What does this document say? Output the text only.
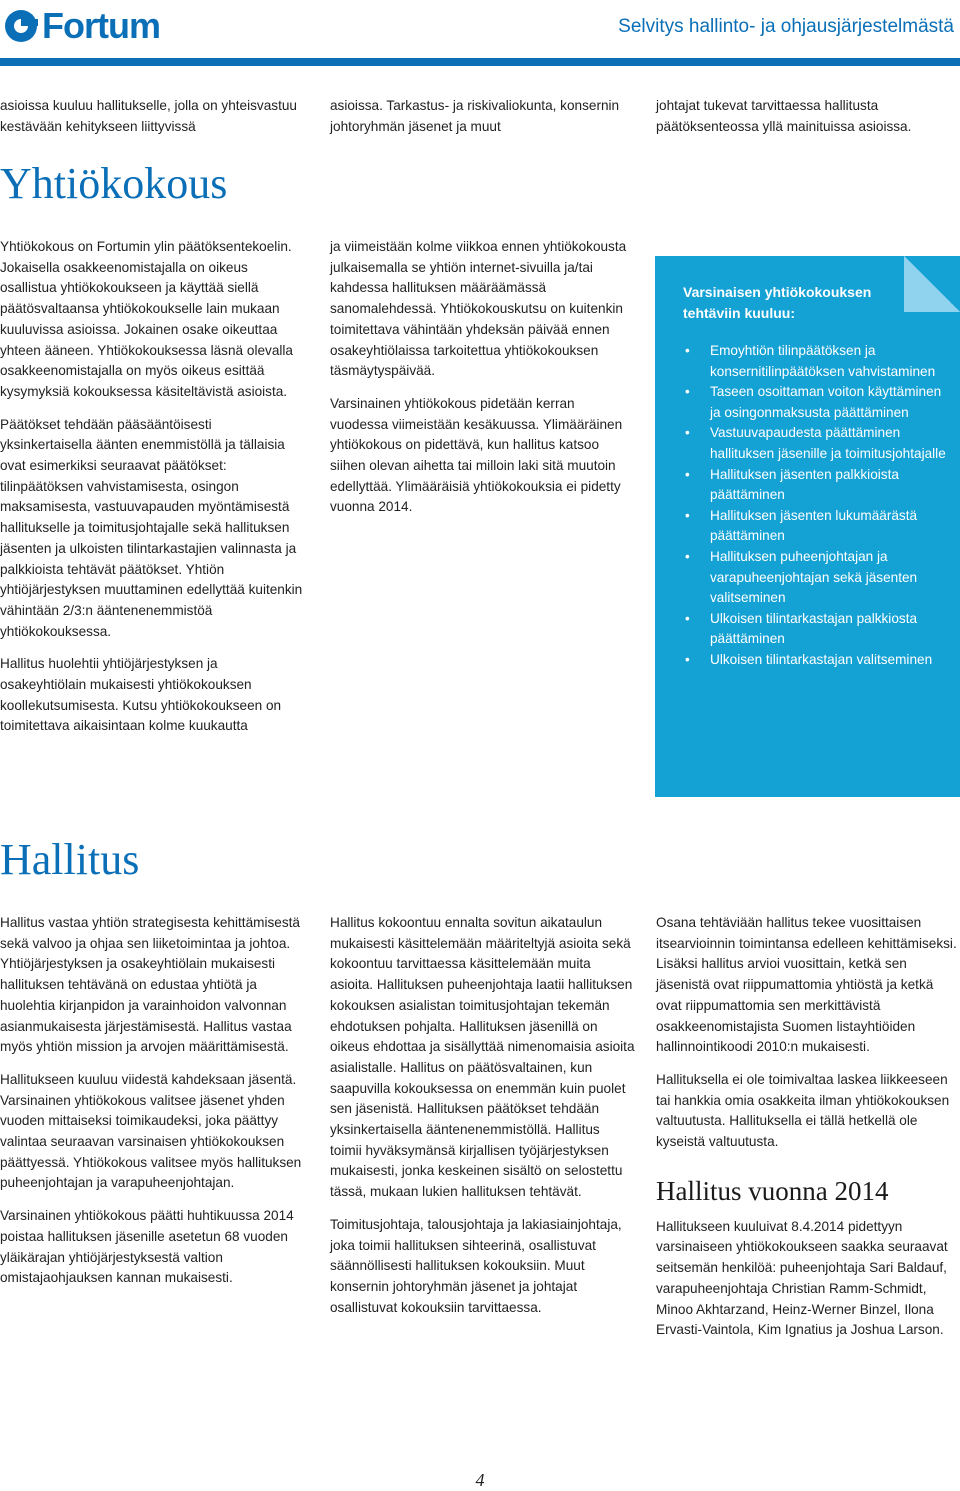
Fortum	Selvitys hallinto- ja ohjausjärjestelmästä
asioissa kuuluu hallitukselle, jolla on yhteisvastuu kestävään kehitykseen liittyvissä
asioissa. Tarkastus- ja riskivaliokunta, konsernin johtoryhmän jäsenet ja muut
johtajat tukevat tarvittaessa hallitusta päätöksenteossa yllä mainituissa asioissa.
Yhtiökokous

Yhtiökokous on Fortumin ylin päätöksentekoelin. Jokaisella osakkeenomistajalla on oikeus osallistua yhtiökokoukseen ja käyttää siellä päätösvaltaansa yhtiökokoukselle lain mukaan kuuluvissa asioissa. Jokainen osake oikeuttaa yhteen ääneen. Yhtiökokouksessa läsnä olevalla osakkeenomistajalla on myös oikeus esittää kysymyksiä kokouksessa käsiteltävistä asioista.

Päätökset tehdään pääsääntöisesti yksinkertaisella äänten enemmistöllä ja tällaisia ovat esimerkiksi seuraavat päätökset: tilinpäätöksen vahvistamisesta, osingon maksamisesta, vastuuvapauden myöntämisestä hallitukselle ja toimitusjohtajalle sekä hallituksen jäsenten ja ulkoisten tilintarkastajien valinnasta ja palkkioista tehtävät päätökset. Yhtiön yhtiöjärjestyksen muuttaminen edellyttää kuitenkin vähintään 2/3:n ääntenenemmistöä yhtiökokouksessa.

Hallitus huolehtii yhtiöjärjestyksen ja osakeyhtiölain mukaisesti yhtiökokouksen koollekutsumisesta. Kutsu yhtiökokoukseen on toimitettava aikaisintaan kolme kuukautta

ja viimeistään kolme viikkoa ennen yhtiökokousta julkaisemalla se yhtiön internet-sivuilla ja/tai kahdessa hallituksen määräämässä sanomalehdessä. Yhtiökokouskutsu on kuitenkin toimitettava vähintään yhdeksän päivää ennen osakeyhtiölaissa tarkoitettua yhtiökokouksen täsmäytyspäivää.

Varsinainen yhtiökokous pidetään kerran vuodessa viimeistään kesäkuussa. Ylimääräinen yhtiökokous on pidettävä, kun hallitus katsoo siihen olevan aihetta tai milloin laki sitä muutoin edellyttää. Ylimääräisiä yhtiökokouksia ei pidetty vuonna 2014.

Varsinaisen yhtiökokouksen tehtäviin kuuluu:
• Emoyhtiön tilinpäätöksen ja konsernitilinpäätöksen vahvistaminen
• Taseen osoittaman voiton käyttäminen ja osingonmaksusta päättäminen
• Vastuuvapaudesta päättäminen hallituksen jäsenille ja toimitusjohtajalle
• Hallituksen jäsenten palkkioista päättäminen
• Hallituksen jäsenten lukumäärästä päättäminen
• Hallituksen puheenjohtajan ja varapuheenjohtajan sekä jäsenten valitseminen
• Ulkoisen tilintarkastajan palkkiosta päättäminen
• Ulkoisen tilintarkastajan valitseminen
Hallitus

Hallitus vastaa yhtiön strategisesta kehittämisestä sekä valvoo ja ohjaa sen liiketoimintaa ja johtoa. Yhtiöjärjestyksen ja osakeyhtiölain mukaisesti hallituksen tehtävänä on edustaa yhtiötä ja huolehtia kirjanpidon ja varainhoidon valvonnan asianmukaisesta järjestämisestä. Hallitus vastaa myös yhtiön mission ja arvojen määrittämisestä.

Hallitukseen kuuluu viidestä kahdeksaan jäsentä. Varsinainen yhtiökokous valitsee jäsenet yhden vuoden mittaiseksi toimikaudeksi, joka päättyy valintaa seuraavan varsinaisen yhtiökokouksen päättyessä. Yhtiökokous valitsee myös hallituksen puheenjohtajan ja varapuheenjohtajan.

Varsinainen yhtiökokous päätti huhtikuussa 2014 poistaa hallituksen jäsenille asetetun 68 vuoden yläikärajan yhtiöjärjestyksestä valtion omistajaohjauksen kannan mukaisesti.

Hallitus kokoontuu ennalta sovitun aikataulun mukaisesti käsittelemään määriteltyjä asioita sekä kokoontuu tarvittaessa käsittelemään muita asioita. Hallituksen puheenjohtaja laatii hallituksen kokouksen asialistan toimitusjohtajan tekemän ehdotuksen pohjalta. Hallituksen jäsenillä on oikeus ehdottaa ja sisällyttää nimenomaisia asioita asialistalle. Hallitus on päätösvaltainen, kun saapuvilla kokouksessa on enemmän kuin puolet sen jäsenistä. Hallituksen päätökset tehdään yksinkertaisella ääntenenemmistöllä. Hallitus toimii hyväksymänsä kirjallisen työjärjestyksen mukaisesti, jonka keskeinen sisältö on selostettu tässä, mukaan lukien hallituksen tehtävät.

Toimitusjohtaja, talousjohtaja ja lakiasiainjohtaja, joka toimii hallituksen sihteerinä, osallistuvat säännöllisesti hallituksen kokouksiin. Muut konsernin johtoryhmän jäsenet ja johtajat osallistuvat kokouksiin tarvittaessa.

Osana tehtäviään hallitus tekee vuosittaisen itsearvioinnin toimintansa edelleen kehittämiseksi. Lisäksi hallitus arvioi vuosittain, ketkä sen jäsenistä ovat riippumattomia yhtiöstä ja ketkä ovat riippumattomia sen merkittävistä osakkeenomistajista Suomen listayhtiöiden hallinnointikoodi 2010:n mukaisesti.

Hallituksella ei ole toimivaltaa laskea liikkeeseen tai hankkia omia osakkeita ilman yhtiökokouksen valtuutusta. Hallituksella ei tällä hetkellä ole kyseistä valtuutusta.

Hallitus vuonna 2014

Hallitukseen kuuluivat 8.4.2014 pidettyyn varsinaiseen yhtiökokoukseen saakka seuraavat seitsemän henkilöä: puheenjohtaja Sari Baldauf, varapuheenjohtaja Christian Ramm-Schmidt, Minoo Akhtarzand, Heinz-Werner Binzel, Ilona Ervasti-Vaintola, Kim Ignatius ja Joshua Larson.

4
